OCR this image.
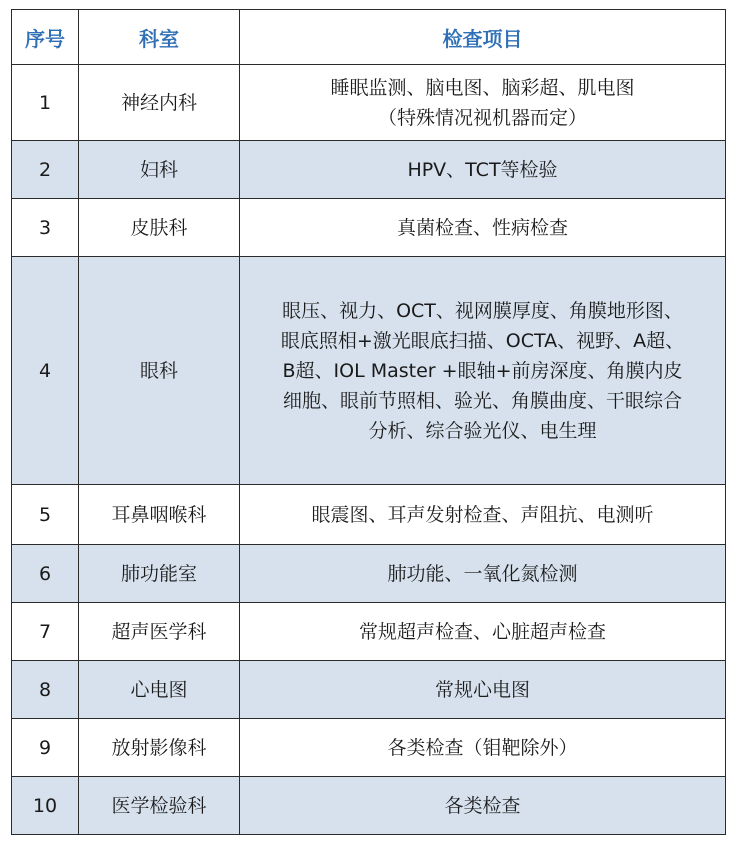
序号	科室	检查项目
1	神经内科	睡眠监测、脑电图、脑彩超、肌电图
（特殊情况视机器而定）

2	妇科	HPV、TCT等检验

3	皮肤科	真菌检查、性病检查

4	眼科	眼压、视力、OCT、视网膜厚度、角膜地形图、
眼底照相+激光眼底扫描、OCTA、视野、A超、
B超、IOL Master +眼轴+前房深度、角膜内皮
细胞、眼前节照相、验光、角膜曲度、干眼综合
分析、综合验光仪、电生理

5	耳鼻咽喉科	眼震图、耳声发射检查、声阻抗、电测听

6	肺功能室	肺功能、一氧化氮检测

7	超声医学科	常规超声检查、心脏超声检查

8	心电图	常规心电图

9	放射影像科	各类检查（钼靶除外）

10	医学检验科	各类检查
